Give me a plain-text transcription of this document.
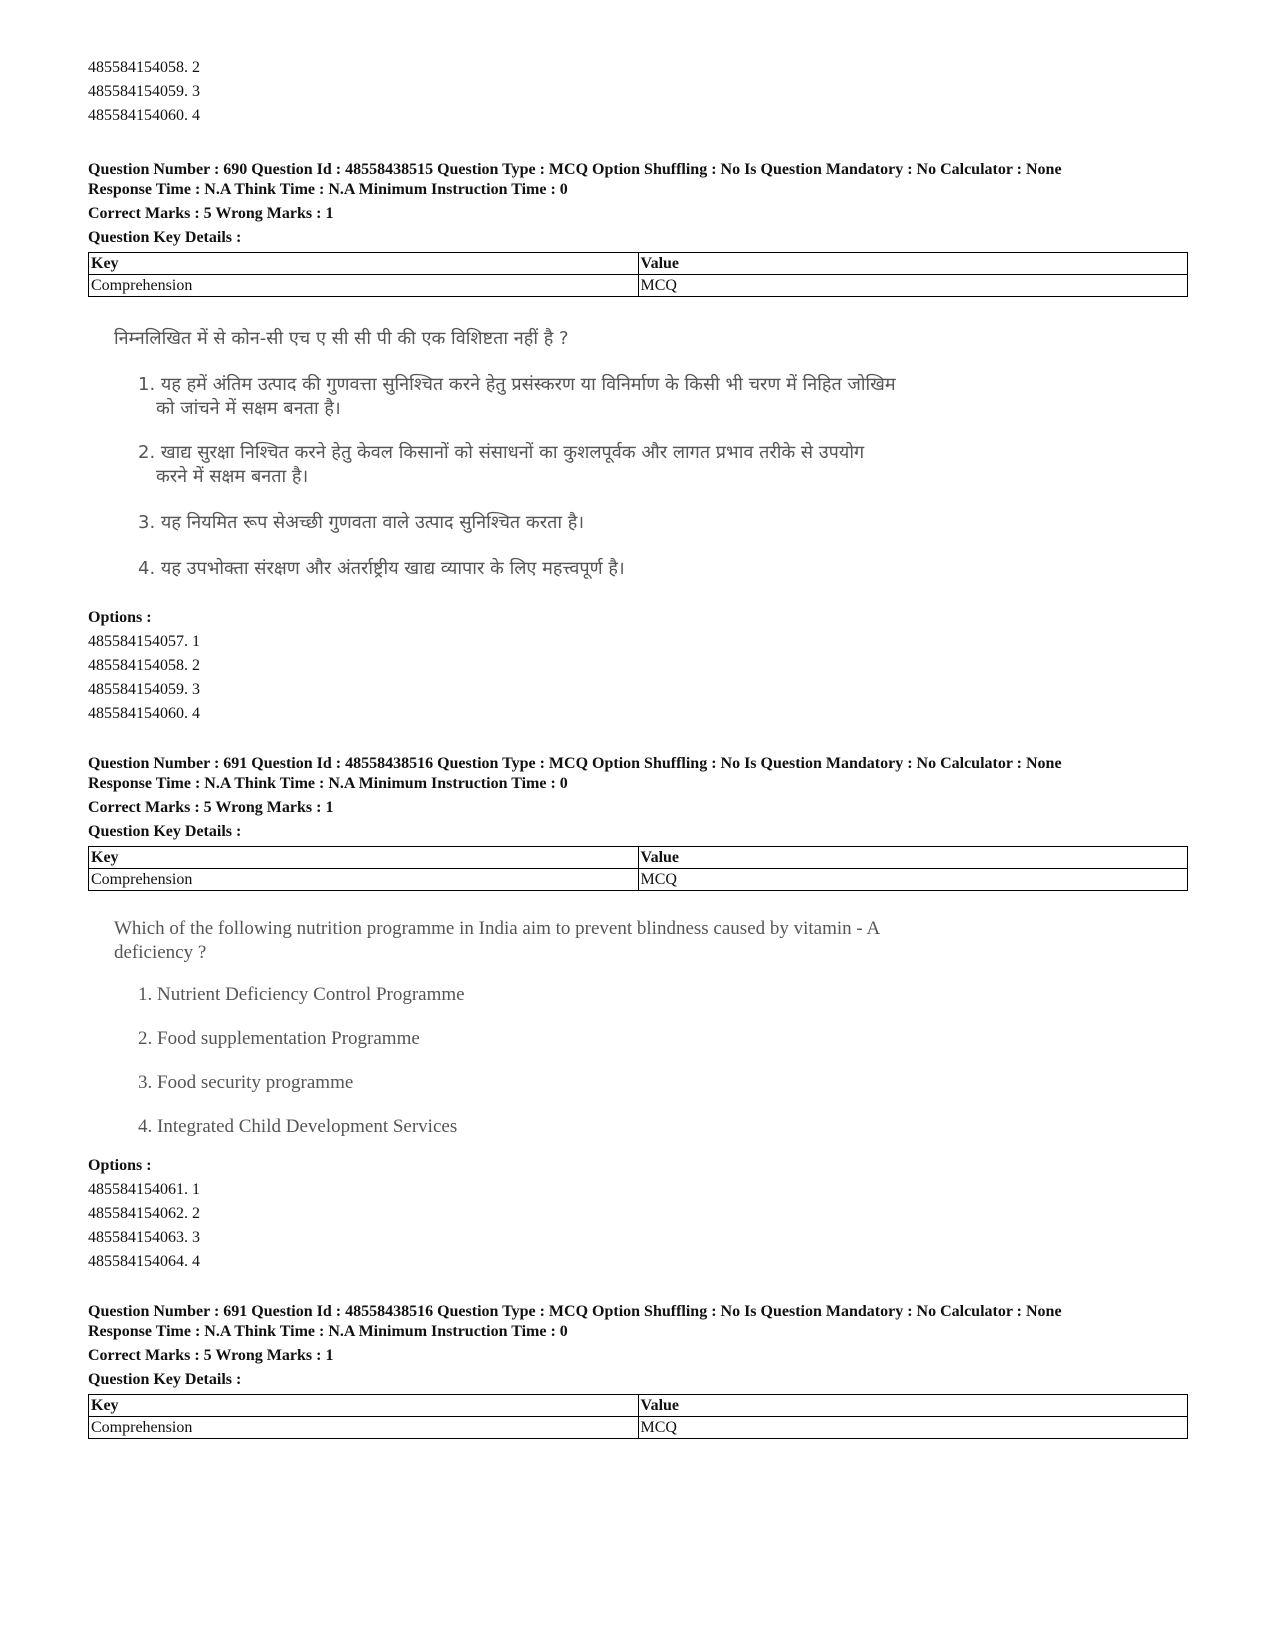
485584154058. 2
485584154059. 3
485584154060. 4
Question Number : 690 Question Id : 48558438515 Question Type : MCQ Option Shuffling : No Is Question Mandatory : No Calculator : None
Response Time : N.A Think Time : N.A Minimum Instruction Time : 0
Correct Marks : 5 Wrong Marks : 1
Question Key Details :
Key	Value
Comprehension	MCQ
निम्नलिखित में से कोन-सी एच ए सी सी पी की एक विशिष्टता नहीं है ?
1. यह हमें अंतिम उत्पाद की गुणवत्ता सुनिश्चित करने हेतु प्रसंस्करण या विनिर्माण के किसी भी चरण में निहित जोखिम
को जांचने में सक्षम बनता है।
2. खाद्य सुरक्षा निश्चित करने हेतु केवल किसानों को संसाधनों का कुशलपूर्वक और लागत प्रभाव तरीके से उपयोग
करने में सक्षम बनता है।
3. यह नियमित रूप सेअच्छी गुणवता वाले उत्पाद सुनिश्चित करता है।
4. यह उपभोक्ता संरक्षण और अंतर्राष्ट्रीय खाद्य व्यापार के लिए महत्त्वपूर्ण है।
Options :
485584154057. 1
485584154058. 2
485584154059. 3
485584154060. 4
Question Number : 691 Question Id : 48558438516 Question Type : MCQ Option Shuffling : No Is Question Mandatory : No Calculator : None
Response Time : N.A Think Time : N.A Minimum Instruction Time : 0
Correct Marks : 5 Wrong Marks : 1
Question Key Details :
Key	Value
Comprehension	MCQ
Which of the following nutrition programme in India aim to prevent blindness caused by vitamin - A
deficiency ?
1. Nutrient Deficiency Control Programme
2. Food supplementation Programme
3. Food security programme
4. Integrated Child Development Services
Options :
485584154061. 1
485584154062. 2
485584154063. 3
485584154064. 4
Question Number : 691 Question Id : 48558438516 Question Type : MCQ Option Shuffling : No Is Question Mandatory : No Calculator : None
Response Time : N.A Think Time : N.A Minimum Instruction Time : 0
Correct Marks : 5 Wrong Marks : 1
Question Key Details :
Key	Value
Comprehension	MCQ
